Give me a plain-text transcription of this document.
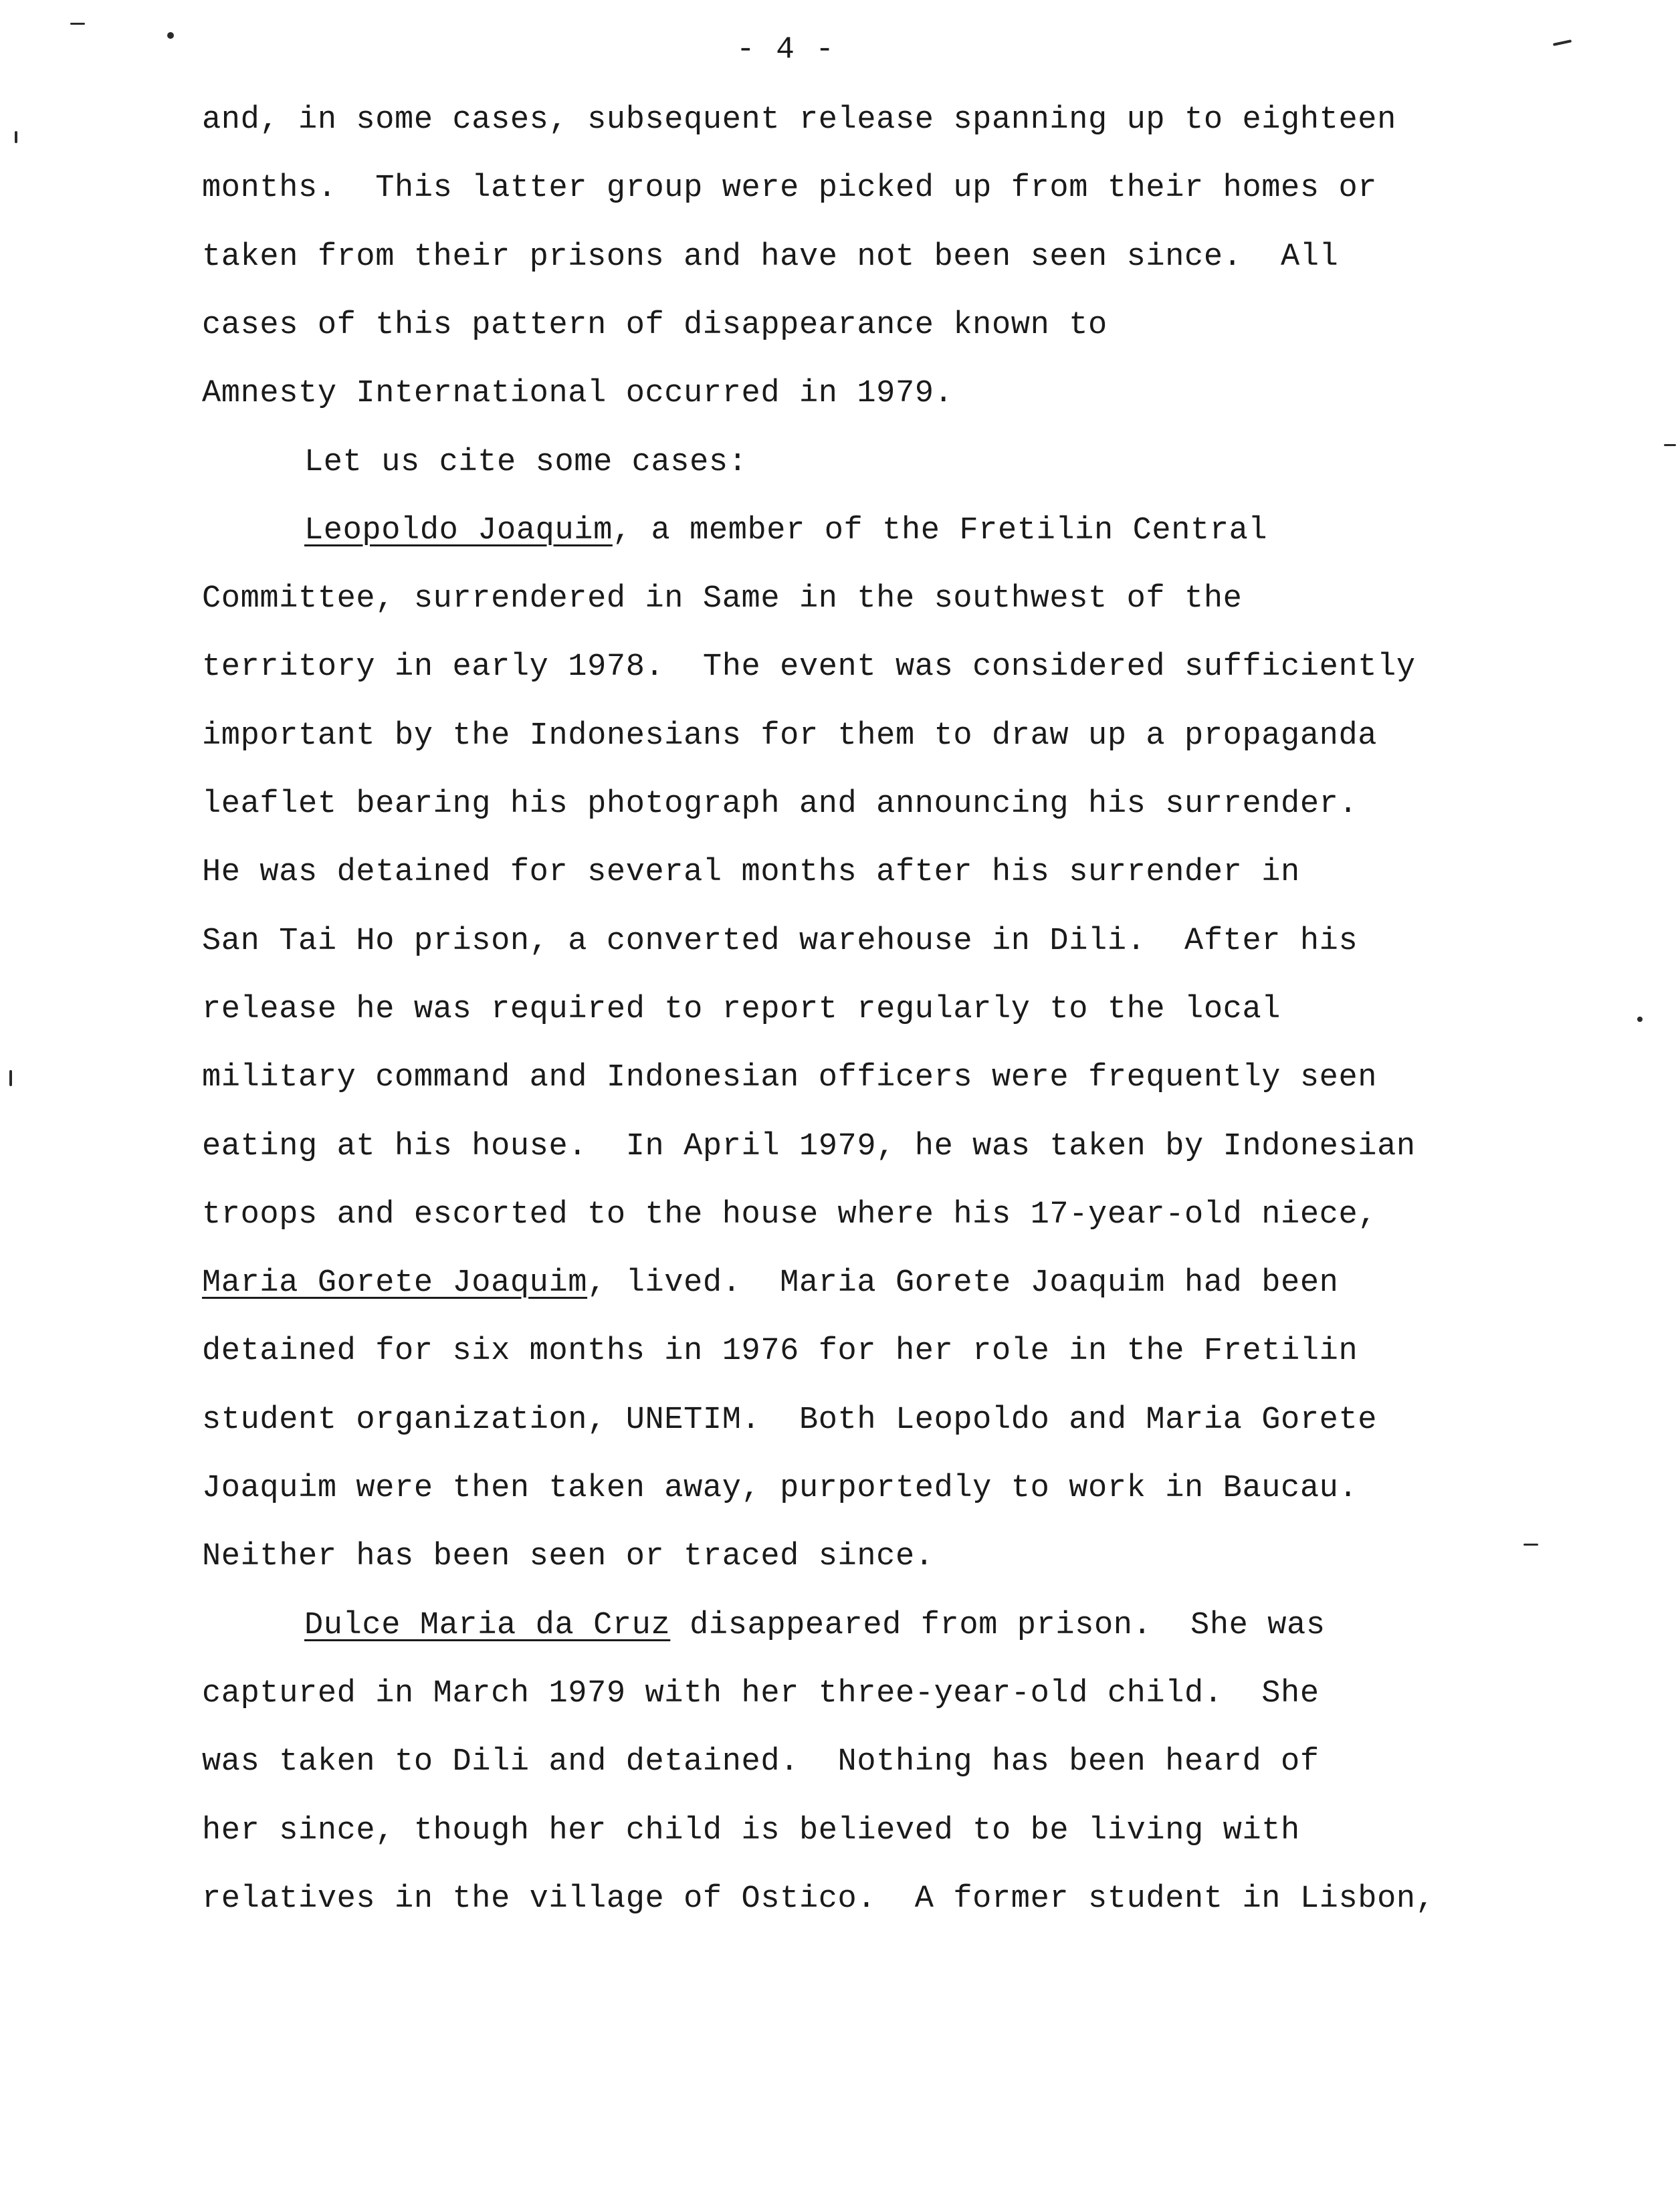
- 4 -
and, in some cases, subsequent release spanning up to eighteen
months.  This latter group were picked up from their homes or
taken from their prisons and have not been seen since.  All
cases of this pattern of disappearance known to
Amnesty International occurred in 1979.
Let us cite some cases:
Leopoldo Joaquim, a member of the Fretilin Central
Committee, surrendered in Same in the southwest of the
territory in early 1978.  The event was considered sufficiently
important by the Indonesians for them to draw up a propaganda
leaflet bearing his photograph and announcing his surrender.
He was detained for several months after his surrender in
San Tai Ho prison, a converted warehouse in Dili.  After his
release he was required to report regularly to the local
military command and Indonesian officers were frequently seen
eating at his house.  In April 1979, he was taken by Indonesian
troops and escorted to the house where his 17-year-old niece,
Maria Gorete Joaquim, lived.  Maria Gorete Joaquim had been
detained for six months in 1976 for her role in the Fretilin
student organization, UNETIM.  Both Leopoldo and Maria Gorete
Joaquim were then taken away, purportedly to work in Baucau.
Neither has been seen or traced since.
Dulce Maria da Cruz disappeared from prison.  She was
captured in March 1979 with her three-year-old child.  She
was taken to Dili and detained.  Nothing has been heard of
her since, though her child is believed to be living with
relatives in the village of Ostico.  A former student in Lisbon,
